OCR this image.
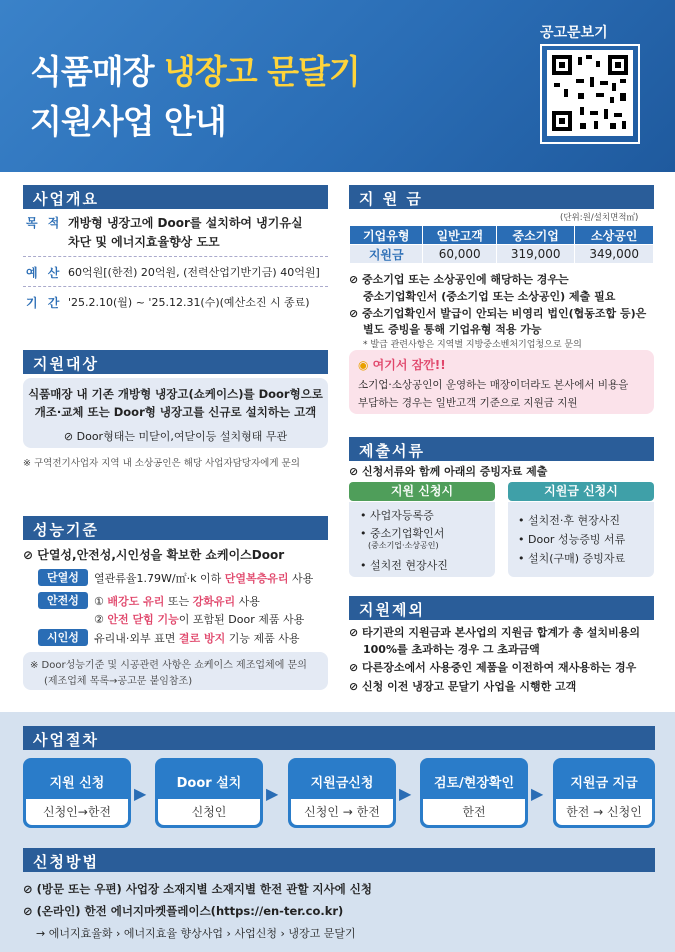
식품매장 냉장고 문달기
지원사업 안내
공고문보기
사업개요
목 적 개방형 냉장고에 Door를 설치하여 냉기유실
차단 및 에너지효율향상 도모
예 산 60억원[(한전) 20억원, (전력산업기반기금) 40억원]
기 간 '25.2.10(월) ~ '25.12.31(수)(예산소진 시 종료)
지원대상
식품매장 내 기존 개방형 냉장고(쇼케이스)를 Door형으로
개조·교체 또는 Door형 냉장고를 신규로 설치하는 고객
⊘ Door형태는 미닫이,여닫이등 설치형태 무관
※ 구역전기사업자 지역 내 소상공인은 해당 사업자담당자에게 문의
성능기준
⊘ 단열성,안전성,시인성을 확보한 쇼케이스Door
단열성	열관류율1.79W/㎡·k 이하 단열복층유리 사용
안전성	① 배강도 유리 또는 강화유리 사용
② 안전 닫힘 기능이 포함된 Door 제품 사용
시인성	유리내·외부 표면 결로 방지 기능 제품 사용
※ Door성능기준 및 시공관련 사항은 쇼케이스 제조업체에 문의
(제조업체 목록→공고문 붙임참조)
지 원 금
(단위:원/설치면적㎡)
기업유형	일반고객	중소기업	소상공인
지원금	60,000	319,000	349,000
⊘ 중소기업 또는 소상공인에 해당하는 경우는
중소기업확인서 (중소기업 또는 소상공인) 제출 필요
⊘ 중소기업확인서 발급이 안되는 비영리 법인(협동조합 등)은
별도 증빙을 통해 기업유형 적용 가능
* 발급 관련사항은 지역별 지방중소벤처기업청으로 문의
◉ 여기서 잠깐!!
소기업·소상공인이 운영하는 매장이더라도 본사에서 비용을
부담하는 경우는 일반고객 기준으로 지원금 지원
제출서류
⊘ 신청서류와 함께 아래의 증빙자료 제출
지원 신청시	지원금 신청시
• 사업자등록증
• 중소기업확인서
(중소기업·소상공인)
• 설치전 현장사진
• 설치전·후 현장사진
• Door 성능증빙 서류
• 설치(구매) 증빙자료
지원제외
⊘ 타기관의 지원금과 본사업의 지원금 합계가 총 설치비용의
100%를 초과하는 경우 그 초과금액
⊘ 다른장소에서 사용중인 제품을 이전하여 재사용하는 경우
⊘ 신청 이전 냉장고 문달기 사업을 시행한 고객
사업절차
지원 신청
신청인→한전
▶
Door 설치
신청인
▶
지원금신청
신청인 → 한전
▶
검토/현장확인
한전
▶
지원금 지급
한전 → 신청인
신청방법
⊘ (방문 또는 우편) 사업장 소재지별 소재지별 한전 관할 지사에 신청
⊘ (온라인) 한전 에너지마켓플레이스(https://en-ter.co.kr)
→ 에너지효율화 › 에너지효율 향상사업 › 사업신청 › 냉장고 문달기
